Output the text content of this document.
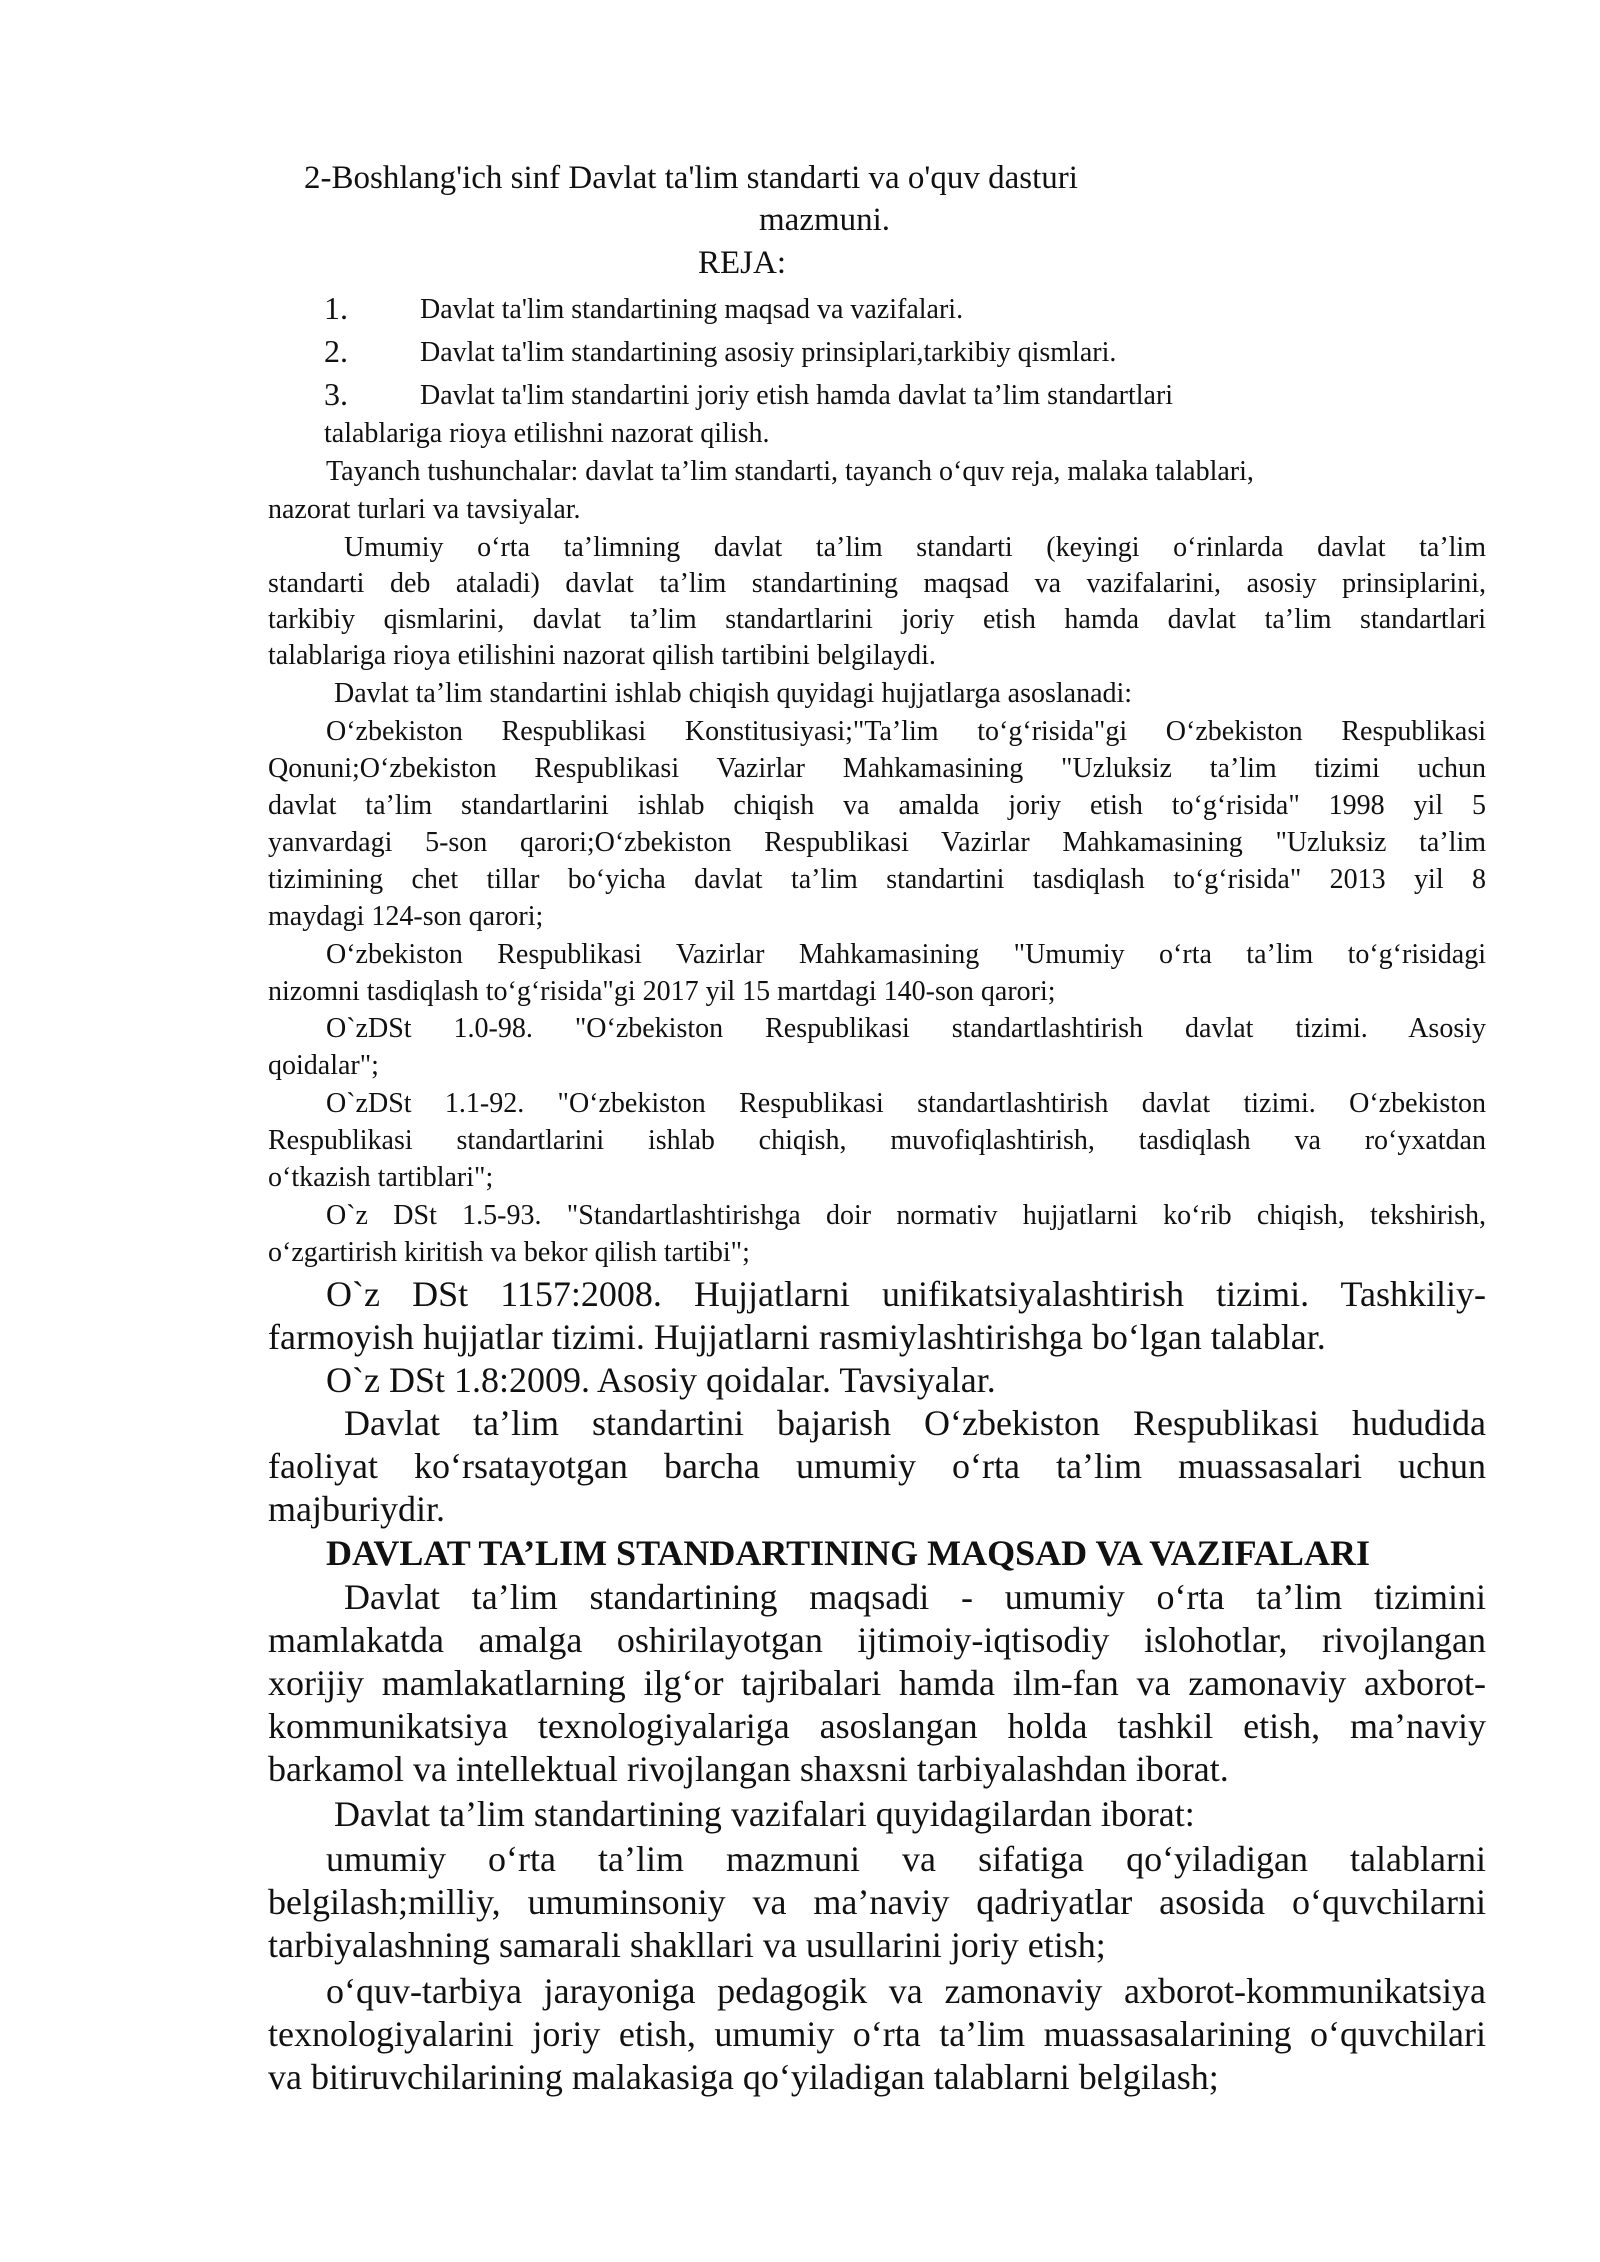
2-Boshlang'ich sinf Davlat ta'lim standarti va o'quv dasturi
mazmuni.
REJA:
1.	Davlat ta'lim standartining maqsad va vazifalari.
2.	Davlat ta'lim standartining asosiy prinsiplari,tarkibiy qismlari.
3.	Davlat ta'lim standartini joriy etish hamda davlat ta’lim standartlari
talablariga rioya etilishni nazorat qilish.
Tayanch tushunchalar: davlat ta’lim standarti, tayanch o‘quv reja, malaka talablari,
nazorat turlari va tavsiyalar.
Umumiy o‘rta ta’limning davlat ta’lim standarti (keyingi o‘rinlarda davlat ta’lim
standarti deb ataladi) davlat ta’lim standartining maqsad va vazifalarini, asosiy prinsiplarini,
tarkibiy qismlarini, davlat ta’lim standartlarini joriy etish hamda davlat ta’lim standartlari
talablariga rioya etilishini nazorat qilish tartibini belgilaydi.
Davlat ta’lim standartini ishlab chiqish quyidagi hujjatlarga asoslanadi:
O‘zbekiston Respublikasi Konstitusiyasi;"Ta’lim to‘g‘risida"gi O‘zbekiston Respublikasi
Qonuni;O‘zbekiston Respublikasi Vazirlar Mahkamasining "Uzluksiz ta’lim tizimi uchun
davlat ta’lim standartlarini ishlab chiqish va amalda joriy etish to‘g‘risida" 1998 yil 5
yanvardagi 5-son qarori;O‘zbekiston Respublikasi Vazirlar Mahkamasining "Uzluksiz ta’lim
tizimining chet tillar bo‘yicha davlat ta’lim standartini tasdiqlash to‘g‘risida" 2013 yil 8
maydagi 124-son qarori;
O‘zbekiston Respublikasi Vazirlar Mahkamasining "Umumiy o‘rta ta’lim to‘g‘risidagi
nizomni tasdiqlash to‘g‘risida"gi 2017 yil 15 martdagi 140-son qarori;
O`zDSt 1.0-98. "O‘zbekiston Respublikasi standartlashtirish davlat tizimi. Asosiy
qoidalar";
O`zDSt 1.1-92. "O‘zbekiston Respublikasi standartlashtirish davlat tizimi. O‘zbekiston
Respublikasi standartlarini ishlab chiqish, muvofiqlashtirish, tasdiqlash va ro‘yxatdan
o‘tkazish tartiblari";
O`z DSt 1.5-93. "Standartlashtirishga doir normativ hujjatlarni ko‘rib chiqish, tekshirish,
o‘zgartirish kiritish va bekor qilish tartibi";
O`z DSt 1157:2008. Hujjatlarni unifikatsiyalashtirish tizimi. Tashkiliy-
farmoyish hujjatlar tizimi. Hujjatlarni rasmiylashtirishga bo‘lgan talablar.
O`z DSt 1.8:2009. Asosiy qoidalar. Tavsiyalar.
Davlat ta’lim standartini bajarish O‘zbekiston Respublikasi hududida
faoliyat ko‘rsatayotgan barcha umumiy o‘rta ta’lim muassasalari uchun
majburiydir.
DAVLAT TA’LIM STANDARTINING MAQSAD VA VAZIFALARI
Davlat ta’lim standartining maqsadi - umumiy o‘rta ta’lim tizimini
mamlakatda amalga oshirilayotgan ijtimoiy-iqtisodiy islohotlar, rivojlangan
xorijiy mamlakatlarning ilg‘or tajribalari hamda ilm-fan va zamonaviy axborot-
kommunikatsiya texnologiyalariga asoslangan holda tashkil etish, ma’naviy
barkamol va intellektual rivojlangan shaxsni tarbiyalashdan iborat.
Davlat ta’lim standartining vazifalari quyidagilardan iborat:
umumiy o‘rta ta’lim mazmuni va sifatiga qo‘yiladigan talablarni
belgilash;milliy, umuminsoniy va ma’naviy qadriyatlar asosida o‘quvchilarni
tarbiyalashning samarali shakllari va usullarini joriy etish;
o‘quv-tarbiya jarayoniga pedagogik va zamonaviy axborot-kommunikatsiya
texnologiyalarini joriy etish, umumiy o‘rta ta’lim muassasalarining o‘quvchilari
va bitiruvchilarining malakasiga qo‘yiladigan talablarni belgilash;
